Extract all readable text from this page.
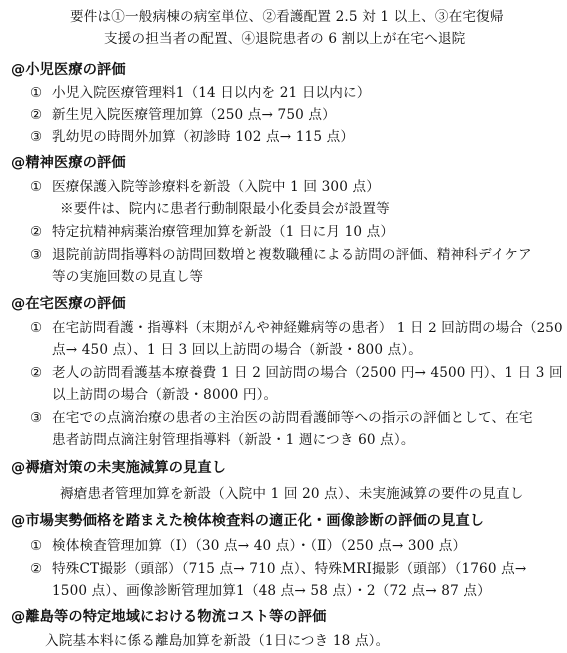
要件は①一般病棟の病室単位、②看護配置 2.5 対 1 以上、③在宅復帰
支援の担当者の配置、④退院患者の 6 割以上が在宅へ退院
@小児医療の評価
① 小児入院医療管理料1（14 日以内を 21 日以内に）
② 新生児入院医療管理加算（250 点→ 750 点）
③ 乳幼児の時間外加算（初診時 102 点→ 115 点）
@精神医療の評価
① 医療保護入院等診療料を新設（入院中 1 回 300 点）
※要件は、院内に患者行動制限最小化委員会が設置等
② 特定抗精神病薬治療管理加算を新設（1 日に月 10 点）
③ 退院前訪問指導料の訪問回数増と複数職種による訪問の評価、精神科デイケア
等の実施回数の見直し等
@在宅医療の評価
① 在宅訪問看護・指導料（末期がんや神経難病等の患者） 1 日 2 回訪問の場合（250
点→ 450 点）、1 日 3 回以上訪問の場合（新設・800 点）。
② 老人の訪問看護基本療養費 1 日 2 回訪問の場合（2500 円→ 4500 円）、1 日 3 回
以上訪問の場合（新設・8000 円）。
③ 在宅での点滴治療の患者の主治医の訪問看護師等への指示の評価として、在宅
患者訪問点滴注射管理指導料（新設・1 週につき 60 点）。
@褥瘡対策の未実施減算の見直し
褥瘡患者管理加算を新設（入院中 1 回 20 点）、未実施減算の要件の見直し
@市場実勢価格を踏まえた検体検査料の適正化・画像診断の評価の見直し
① 検体検査管理加算（Ⅰ）（30 点→ 40 点）・（Ⅱ）（250 点→ 300 点）
② 特殊CT撮影（頭部）（715 点→ 710 点）、特殊MRI撮影（頭部）（1760 点→
1500 点）、画像診断管理加算1（48 点→ 58 点）・2（72 点→ 87 点）
@離島等の特定地域における物流コスト等の評価
入院基本料に係る離島加算を新設（1日につき 18 点）。
